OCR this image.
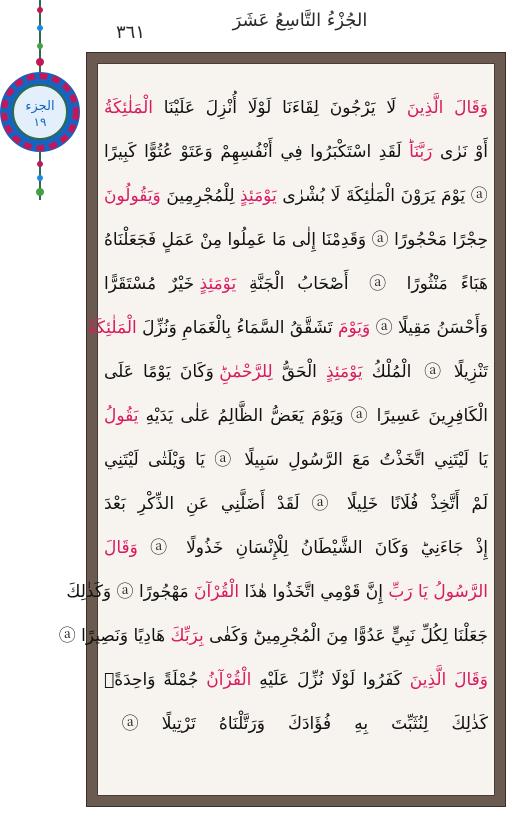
الجُزْءُ التَّاسِعُ عَشَرَ
٣٦١
الجزء
١٩
وَقَالَ الَّذِينَ لَا يَرْجُونَ لِقَاءَنَا لَوْلَا أُنْزِلَ عَلَيْنَا الْمَلٰئِكَةُ
أَوْ نَرٰى رَبَّنَاؕ لَقَدِ اسْتَكْبَرُوا فِي أَنْفُسِهِمْ وَعَتَوْ عُتُوًّا كَبِيرًا
ⓐ يَوْمَ يَرَوْنَ الْمَلٰئِكَةَ لَا بُشْرٰى يَوْمَئِذٍ لِلْمُجْرِمِينَ وَيَقُولُونَ
حِجْرًا مَحْجُورًا ⓐ وَقَدِمْنَا إِلٰى مَا عَمِلُوا مِنْ عَمَلٍ فَجَعَلْنَاهُ
هَبَاءً مَنْثُورًا ⓐ أَصْحَابُ الْجَنَّةِ يَوْمَئِذٍ خَيْرٌ مُسْتَقَرًّا
وَأَحْسَنُ مَقِيلًا ⓐ وَيَوْمَ تَشَقَّقُ السَّمَاءُ بِالْغَمَامِ وَنُزِّلَ الْمَلٰئِكَةُ
تَنْزِيلًا ⓐ الْمُلْكُ يَوْمَئِذٍ الْحَقُّ لِلرَّحْمٰنِؕ وَكَانَ يَوْمًا عَلَى
الْكَافِرِينَ عَسِيرًا ⓐ وَيَوْمَ يَعَضُّ الظَّالِمُ عَلٰى يَدَيْهِ يَقُولُ
يَا لَيْتَنِي اتَّخَذْتُ مَعَ الرَّسُولِ سَبِيلًا ⓐ يَا وَيْلَتٰى لَيْتَنِي
لَمْ أَتَّخِذْ فُلَانًا خَلِيلًا ⓐ لَقَدْ أَضَلَّنِي عَنِ الذِّكْرِ بَعْدَ
إِذْ جَاءَنِيؕ وَكَانَ الشَّيْطَانُ لِلْإِنْسَانِ خَذُولًا ⓐ وَقَالَ
الرَّسُولُ يَا رَبِّ إِنَّ قَوْمِي اتَّخَذُوا هٰذَا الْقُرْآنَ مَهْجُورًا ⓐ وَكَذٰلِكَ
جَعَلْنَا لِكُلِّ نَبِيٍّ عَدُوًّا مِنَ الْمُجْرِمِينَؕ وَكَفٰى بِرَبِّكَ هَادِيًا وَنَصِيرًا ⓐ
وَقَالَ الَّذِينَ كَفَرُوا لَوْلَا نُزِّلَ عَلَيْهِ الْقُرْآنُ جُمْلَةً وَاحِدَةًۚ
كَذٰلِكَ لِنُثَبِّتَ بِهِ فُؤَادَكَ وَرَتَّلْنَاهُ تَرْتِيلًا ⓐ
